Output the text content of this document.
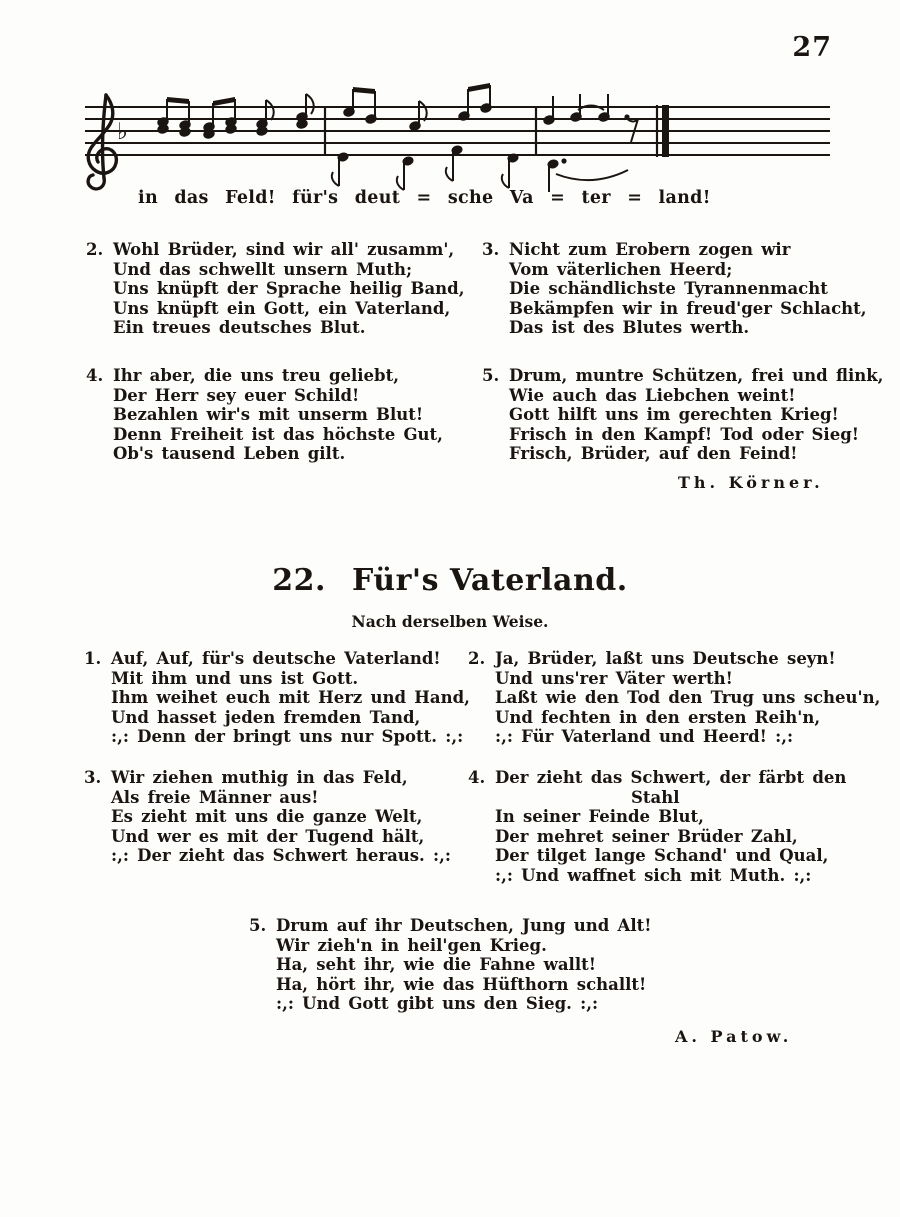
27
♭
in das Feld! für's deut = sche Va = ter = land!
2. Wohl Brüder, sind wir all' zusamm',
Und das schwellt unsern Muth;
Uns knüpft der Sprache heilig Band,
Uns knüpft ein Gott, ein Vaterland,
Ein treues deutsches Blut.
3. Nicht zum Erobern zogen wir
Vom väterlichen Heerd;
Die schändlichste Tyrannenmacht
Bekämpfen wir in freud'ger Schlacht,
Das ist des Blutes werth.
4. Ihr aber, die uns treu geliebt,
Der Herr sey euer Schild!
Bezahlen wir's mit unserm Blut!
Denn Freiheit ist das höchste Gut,
Ob's tausend Leben gilt.
5. Drum, muntre Schützen, frei und flink,
Wie auch das Liebchen weint!
Gott hilft uns im gerechten Krieg!
Frisch in den Kampf! Tod oder Sieg!
Frisch, Brüder, auf den Feind!
Th. Körner.
22. Für's Vaterland.
Nach derselben Weise.
1. Auf, Auf, für's deutsche Vaterland!
Mit ihm und uns ist Gott.
Ihm weihet euch mit Herz und Hand,
Und hasset jeden fremden Tand,
:,: Denn der bringt uns nur Spott. :,:
2. Ja, Brüder, laßt uns Deutsche seyn!
Und uns'rer Väter werth!
Laßt wie den Tod den Trug uns scheu'n,
Und fechten in den ersten Reih'n,
:,: Für Vaterland und Heerd! :,:
3. Wir ziehen muthig in das Feld,
Als freie Männer aus!
Es zieht mit uns die ganze Welt,
Und wer es mit der Tugend hält,
:,: Der zieht das Schwert heraus. :,:
4. Der zieht das Schwert, der färbt den
Stahl
In seiner Feinde Blut,
Der mehret seiner Brüder Zahl,
Der tilget lange Schand' und Qual,
:,: Und waffnet sich mit Muth. :,:
5. Drum auf ihr Deutschen, Jung und Alt!
Wir zieh'n in heil'gen Krieg.
Ha, seht ihr, wie die Fahne wallt!
Ha, hört ihr, wie das Hüfthorn schallt!
:,: Und Gott gibt uns den Sieg. :,:
A. Patow.
